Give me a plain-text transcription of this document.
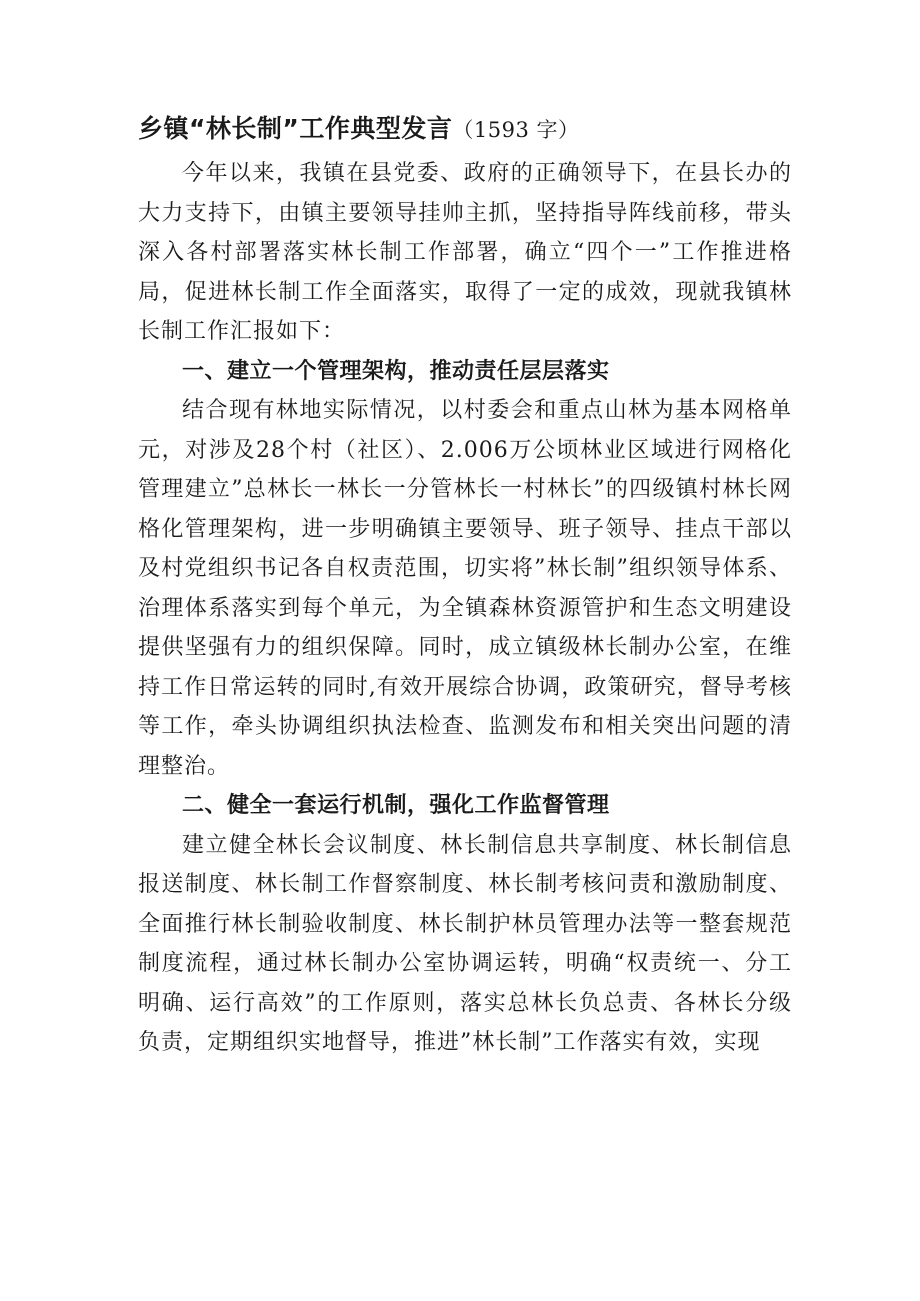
乡镇“林长制”工作典型发言（1593 字）

今年以来，我镇在县党委、政府的正确领导下，在县长办的大力支持下，由镇主要领导挂帅主抓，坚持指导阵线前移，带头深入各村部署落实林长制工作部署，确立“四个一”工作推进格局，促进林长制工作全面落实，取得了一定的成效，现就我镇林长制工作汇报如下：

一、建立一个管理架构，推动责任层层落实

结合现有林地实际情况，以村委会和重点山林为基本网格单元，对涉及28个村（社区）、2.006万公顷林业区域进行网格化管理建立”总林长一林长一分管林长一村林长”的四级镇村林长网格化管理架构，进一步明确镇主要领导、班子领导、挂点干部以及村党组织书记各自权责范围，切实将”林长制”组织领导体系、治理体系落实到每个单元，为全镇森林资源管护和生态文明建设提供坚强有力的组织保障。同时，成立镇级林长制办公室，在维持工作日常运转的同时,有效开展综合协调，政策研究，督导考核等工作，牵头协调组织执法检查、监测发布和相关突出问题的清理整治。

二、健全一套运行机制，强化工作监督管理

建立健全林长会议制度、林长制信息共享制度、林长制信息报送制度、林长制工作督察制度、林长制考核问责和激励制度、全面推行林长制验收制度、林长制护林员管理办法等一整套规范制度流程，通过林长制办公室协调运转，明确“权责统一、分工明确、运行高效”的工作原则，落实总林长负总责、各林长分级负责，定期组织实地督导，推进”林长制”工作落实有效，实现
